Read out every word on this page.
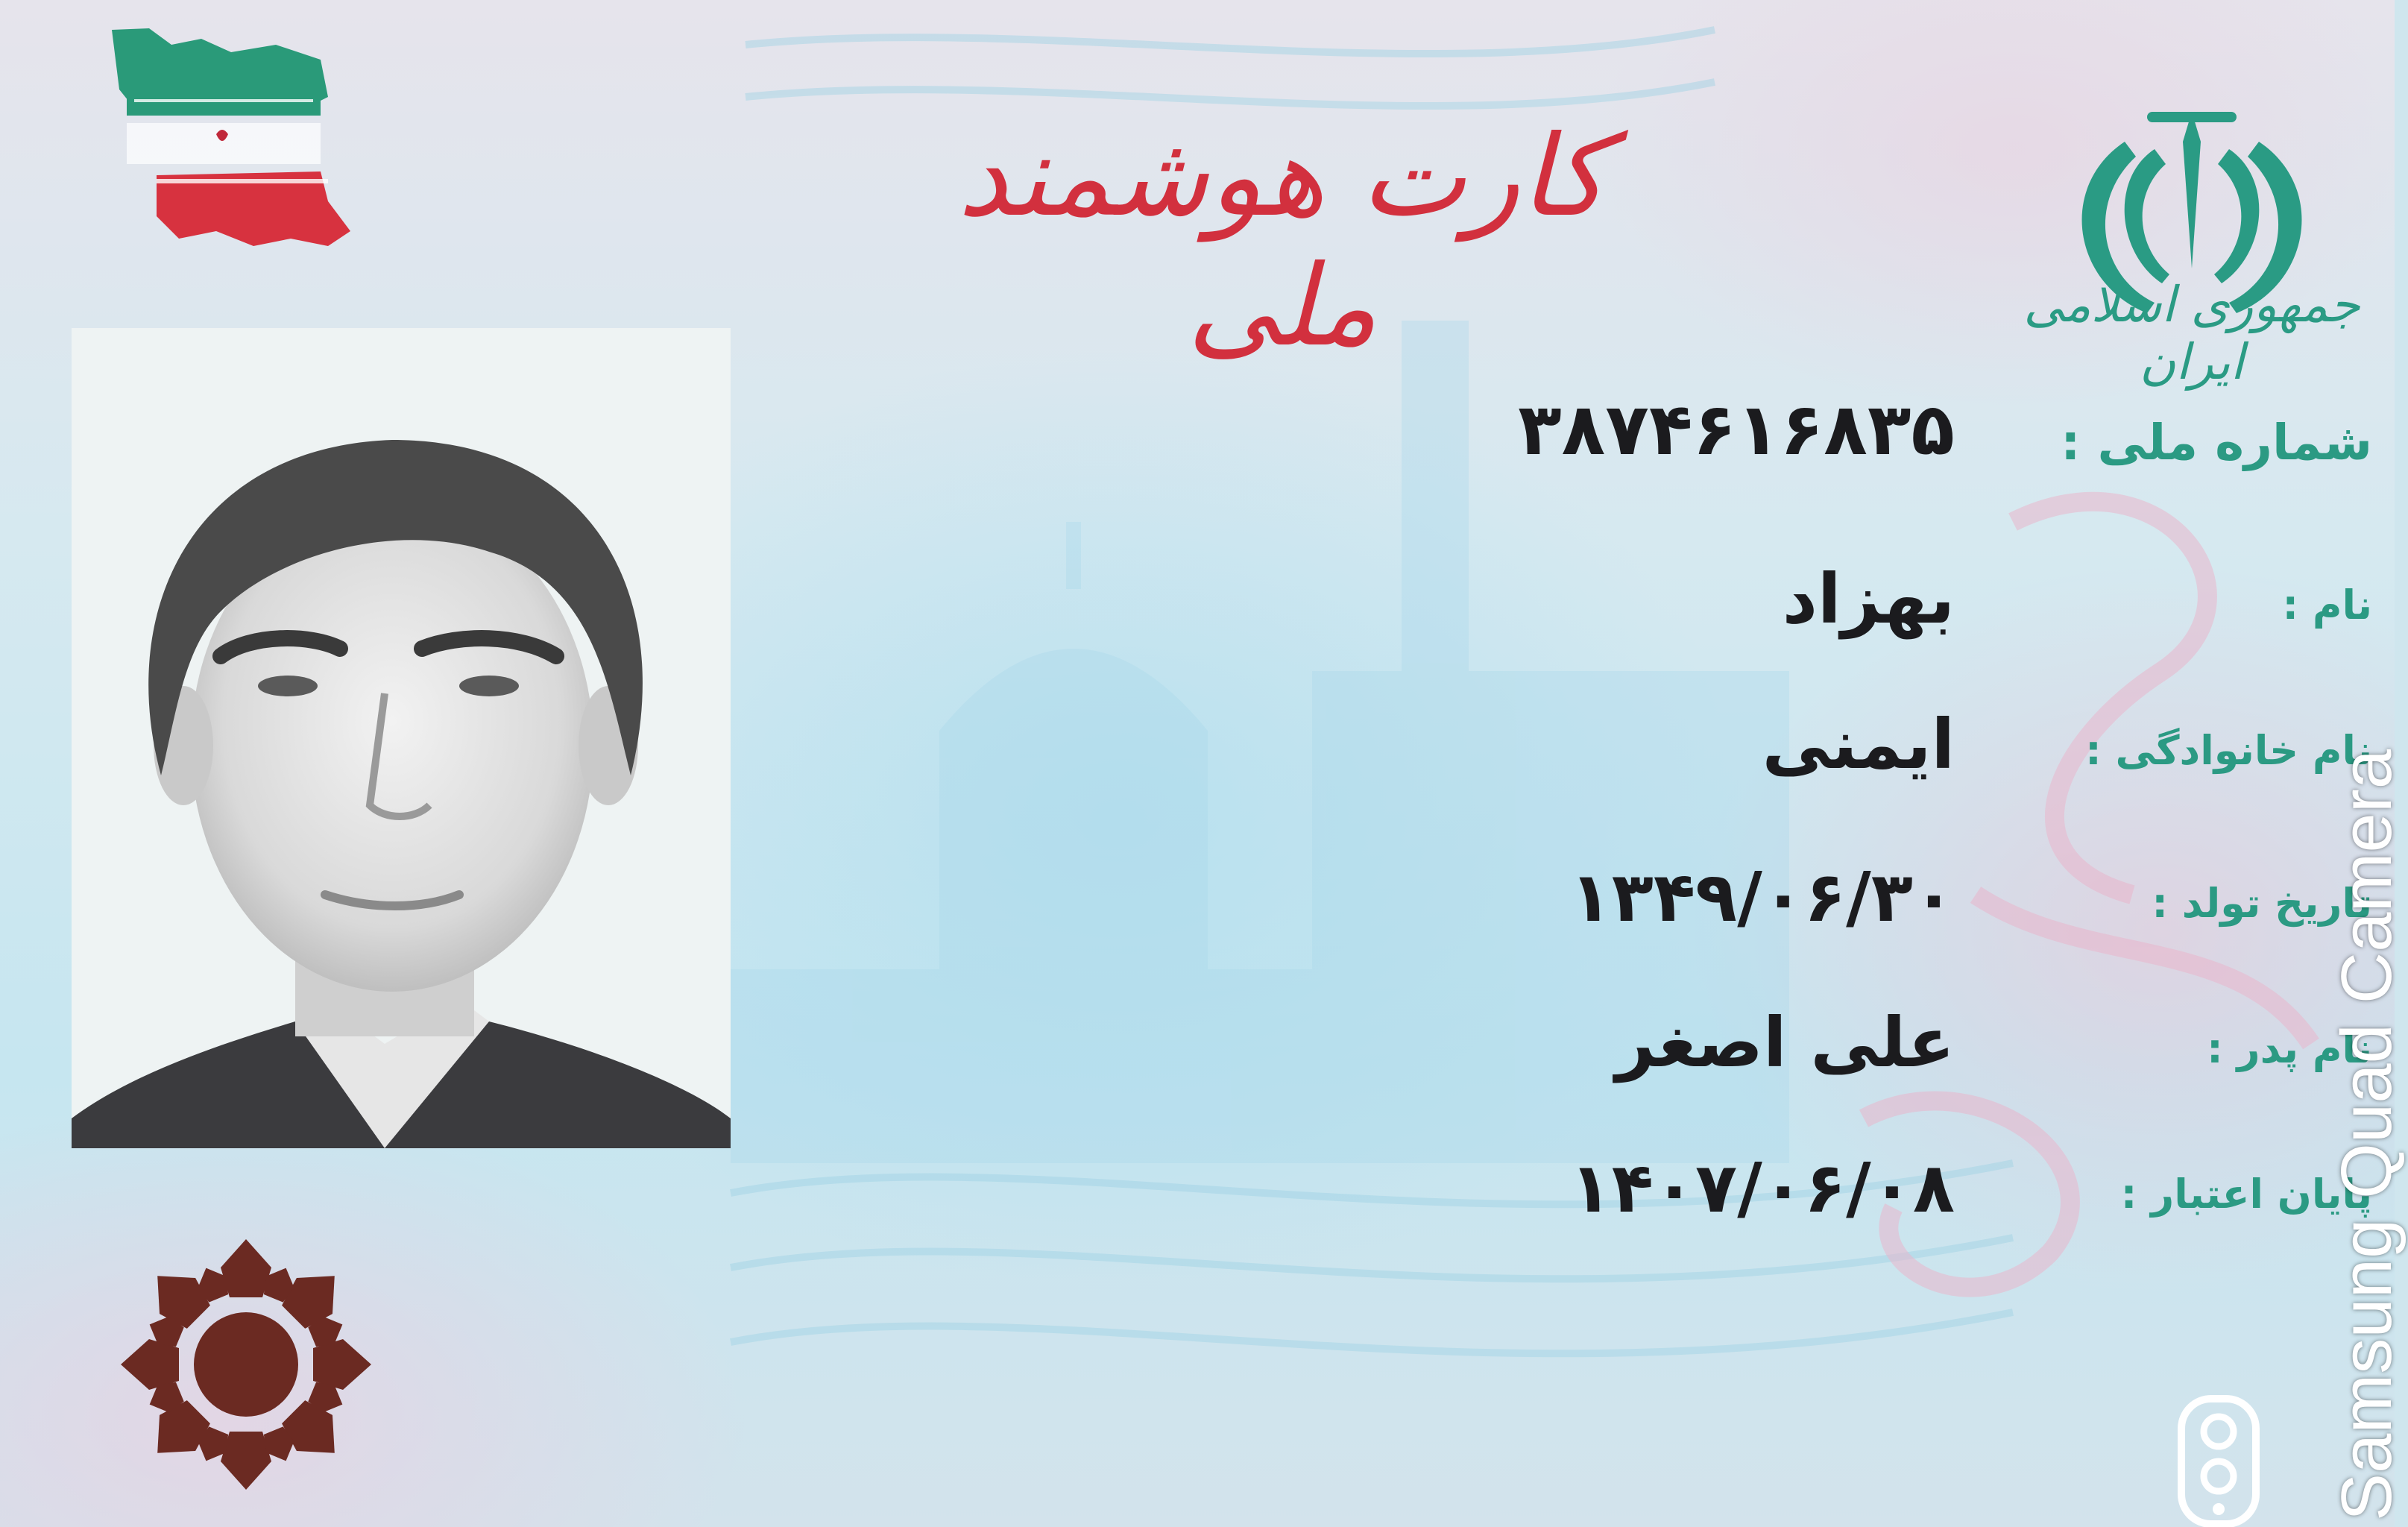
کارت هوشمند ملی	جمهوری اسلامی ایران
شماره ملی :
۳۸۷۴۶۱۶۸۳۵
نام :
بهزاد
نام خانوادگی :
ایمنی
تاریخ تولد :
۱۳۴۹/۰۶/۳۰
نام پدر :
علی اصغر
پایان اعتبار :
۱۴۰۷/۰۶/۰۸	Samsung Quad Camera
